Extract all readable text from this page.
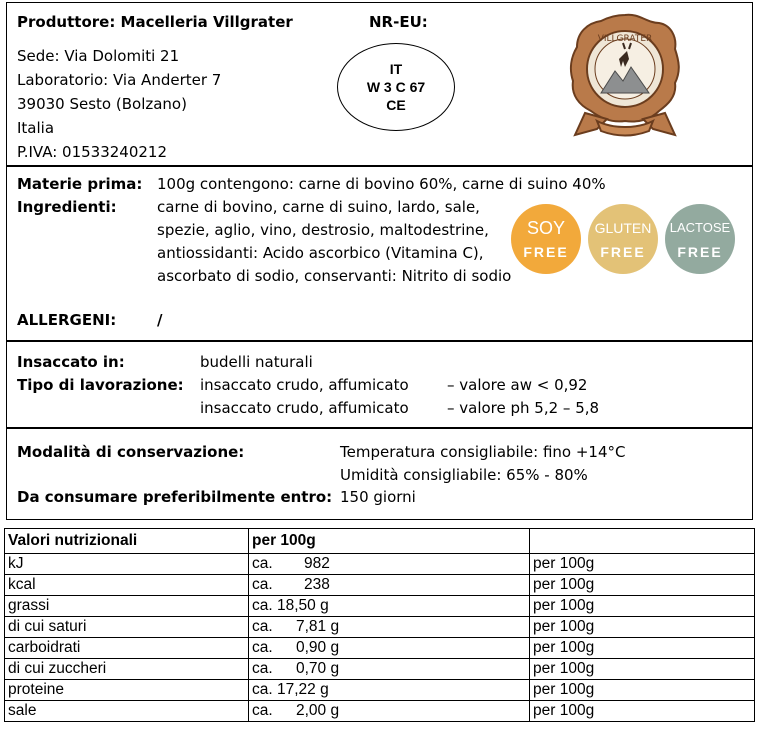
Produttore: Macelleria Villgrater
Sede: Via Dolomiti 21
Laboratorio: Via Anderter 7
39030 Sesto (Bolzano)
Italia
P.IVA: 01533240212
NR-EU:
IT
W 3 C 67
CE
VILLGRATER
Materie prima: 100g contengono: carne di bovino 60%, carne di suino 40%
Ingredienti:	carne di bovino, carne di suino, lardo, sale,
spezie, aglio, vino, destrosio, maltodestrine,
antiossidanti: Acido ascorbico (Vitamina C),
ascorbato di sodio, conservanti: Nitrito di sodio
ALLERGENI:	/
SOY
FREE
GLUTEN
FREE
LACTOSE
FREE
Insaccato in:	budelli naturali
Tipo di lavorazione: insaccato crudo, affumicato	– valore aw < 0,92
insaccato crudo, affumicato	– valore ph 5,2 – 5,8
Modalità di conservazione:	Temperatura consigliabile: fino +14°C
Umidità consigliabile: 65% - 80%
Da consumare preferibilmente entro: 150 giorni
Valori nutrizionali	per 100g	
kJ	ca. 982	per 100g
kcal	ca. 238	per 100g
grassi	ca. 18,50 g	per 100g
di cui saturi	ca. 7,81 g	per 100g
carboidrati	ca. 0,90 g	per 100g
di cui zuccheri	ca. 0,70 g	per 100g
proteine	ca. 17,22 g	per 100g
sale	ca. 2,00 g	per 100g
